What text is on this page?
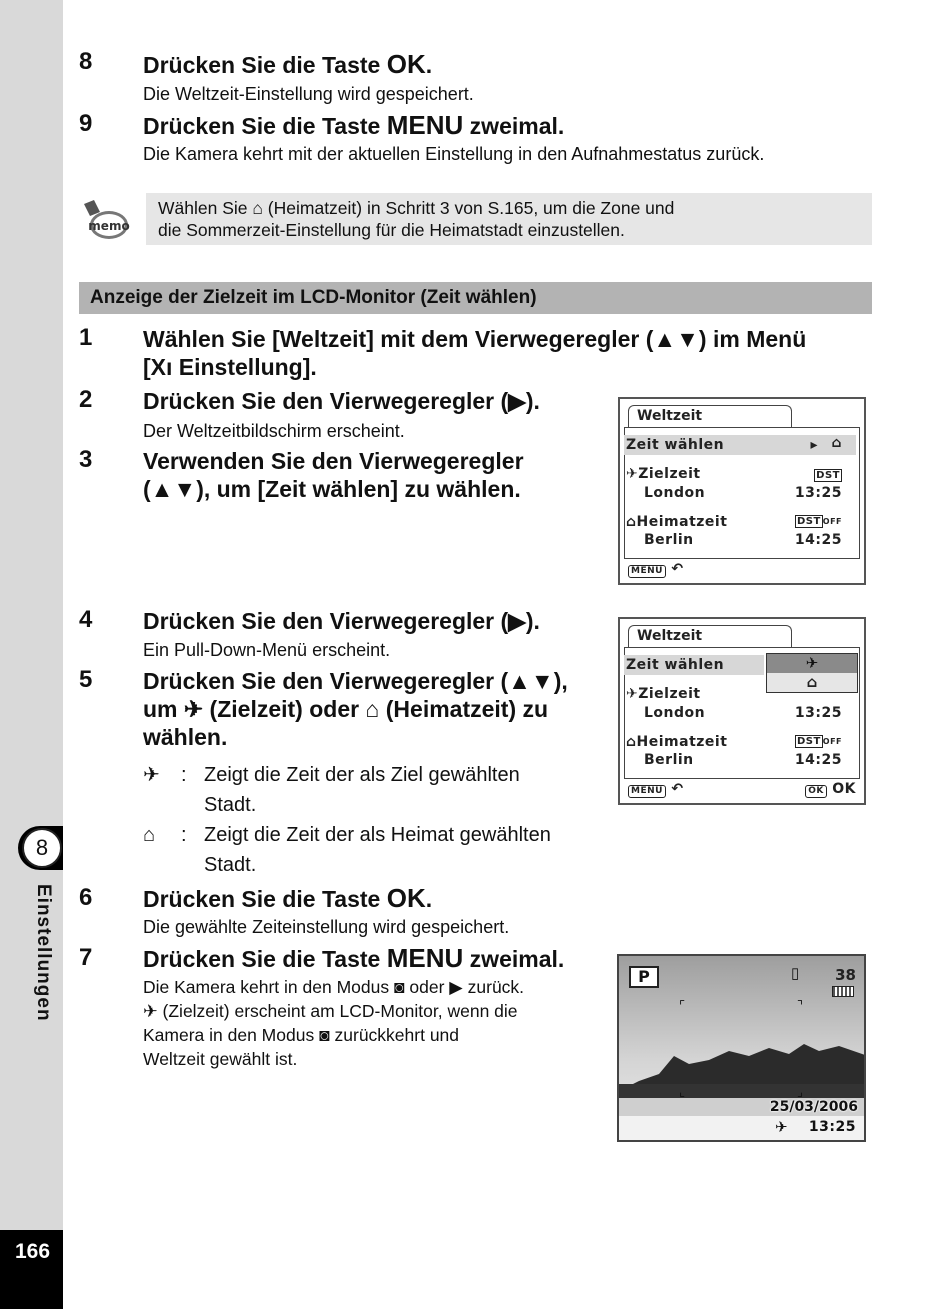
166
8
Einstellungen
8 Drücken Sie die Taste OK.
Die Weltzeit-Einstellung wird gespeichert.
9 Drücken Sie die Taste MENU zweimal.
Die Kamera kehrt mit der aktuellen Einstellung in den Aufnahmestatus zurück.
memo
Wählen Sie ⌂ (Heimatzeit) in Schritt 3 von S.165, um die Zone und
die Sommerzeit-Einstellung für die Heimatstadt einzustellen.
Anzeige der Zielzeit im LCD-Monitor (Zeit wählen)
1 Wählen Sie [Weltzeit] mit dem Vierwegeregler (▲▼) im Menü
[Xı Einstellung].
2 Drücken Sie den Vierwegeregler (▶).
Der Weltzeitbildschirm erscheint.
3 Verwenden Sie den Vierwegeregler
(▲▼), um [Zeit wählen] zu wählen.
Weltzeit
Zeit wählen	▸ ⌂
✈Zielzeit	DST
London	13:25
⌂Heimatzeit	DST OFF
Berlin	14:25
MENU ↶
4 Drücken Sie den Vierwegeregler (▶).
Ein Pull-Down-Menü erscheint.
5 Drücken Sie den Vierwegeregler (▲▼),
um ✈ (Zielzeit) oder ⌂ (Heimatzeit) zu
wählen.
✈ : Zeigt die Zeit der als Ziel gewählten
Stadt.
⌂ : Zeigt die Zeit der als Heimat gewählten
Stadt.
Weltzeit
Zeit wählen	✈
⌂
✈Zielzeit
London	13:25
⌂Heimatzeit	DST OFF
Berlin	14:25
MENU ↶	OK OK
6 Drücken Sie die Taste OK.
Die gewählte Zeiteinstellung wird gespeichert.
7 Drücken Sie die Taste MENU zweimal.
Die Kamera kehrt in den Modus ◙ oder ▶ zurück.
✈ (Zielzeit) erscheint am LCD-Monitor, wenn die
Kamera in den Modus ◙ zurückkehrt und
Weltzeit gewählt ist.
P	▯ 38
⌜	⌝
⌞	⌟
25/03/2006
✈ 13:25
